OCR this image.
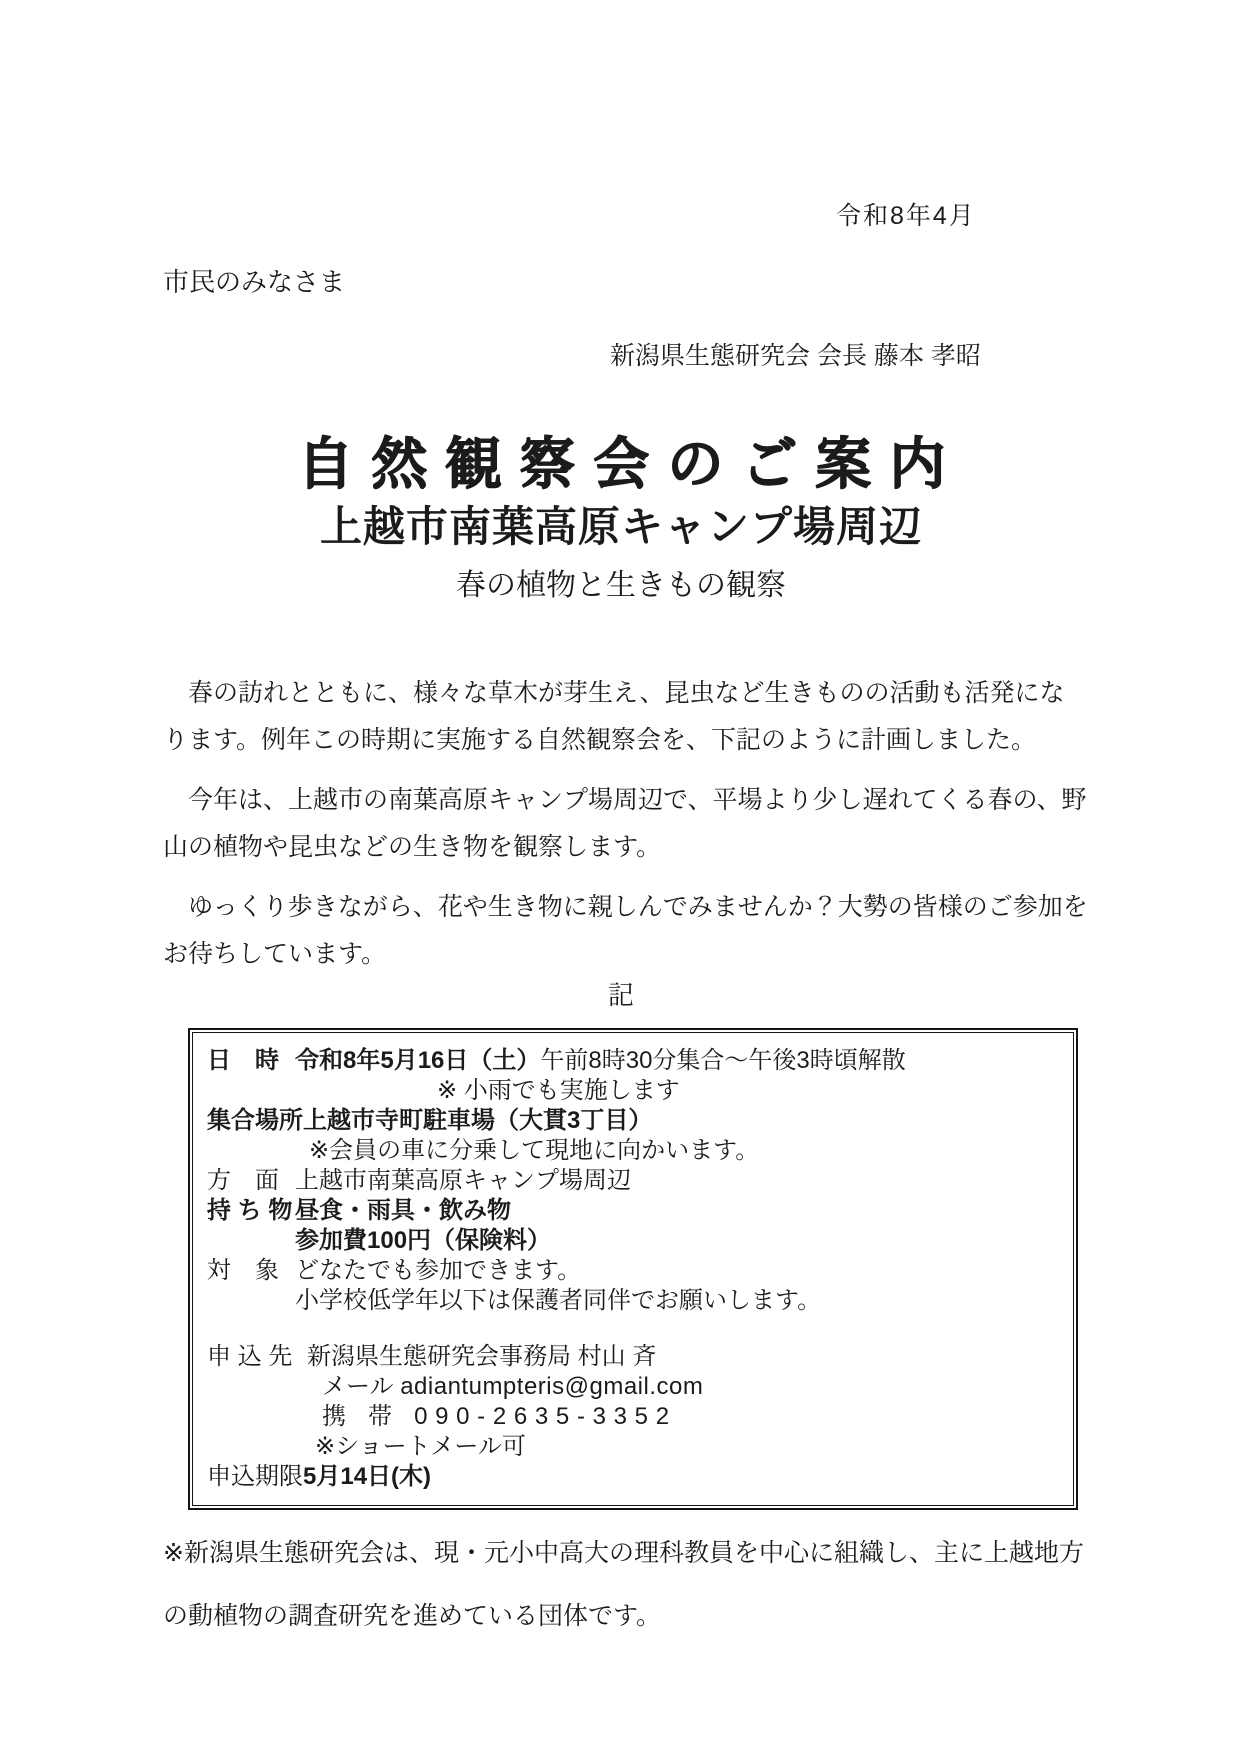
令和8年4月
市民のみなさま
新潟県生態研究会 会長 藤本 孝昭
自然観察会のご案内
上越市南葉高原キャンプ場周辺
春の植物と生きもの観察

　春の訪れとともに、様々な草木が芽生え、昆虫など生きものの活動も活発になります。例年この時期に実施する自然観察会を、下記のように計画しました。

　今年は、上越市の南葉高原キャンプ場周辺で、平場より少し遅れてくる春の、野山の植物や昆虫などの生き物を観察します。

　ゆっくり歩きながら、花や生き物に親しんでみませんか？大勢の皆様のご参加をお待ちしています。

記
日　時 令和8年5月16日（土）午前8時30分集合～午後3時頃解散
※ 小雨でも実施します
集合場所 上越市寺町駐車場（大貫3丁目）
※会員の車に分乗して現地に向かいます。
方　面 上越市南葉高原キャンプ場周辺
持 ち 物 昼食・雨具・飲み物
参加費100円（保険料）
対　象 どなたでも参加できます。
小学校低学年以下は保護者同伴でお願いします。
申 込 先 新潟県生態研究会事務局 村山 斉
メール adiantumpteris@gmail.com
携 帯 090-2635-3352
※ショートメール可
申込期限 5月14日(木)
※新潟県生態研究会は、現・元小中高大の理科教員を中心に組織し、主に上越地方の動植物の調査研究を進めている団体です。
